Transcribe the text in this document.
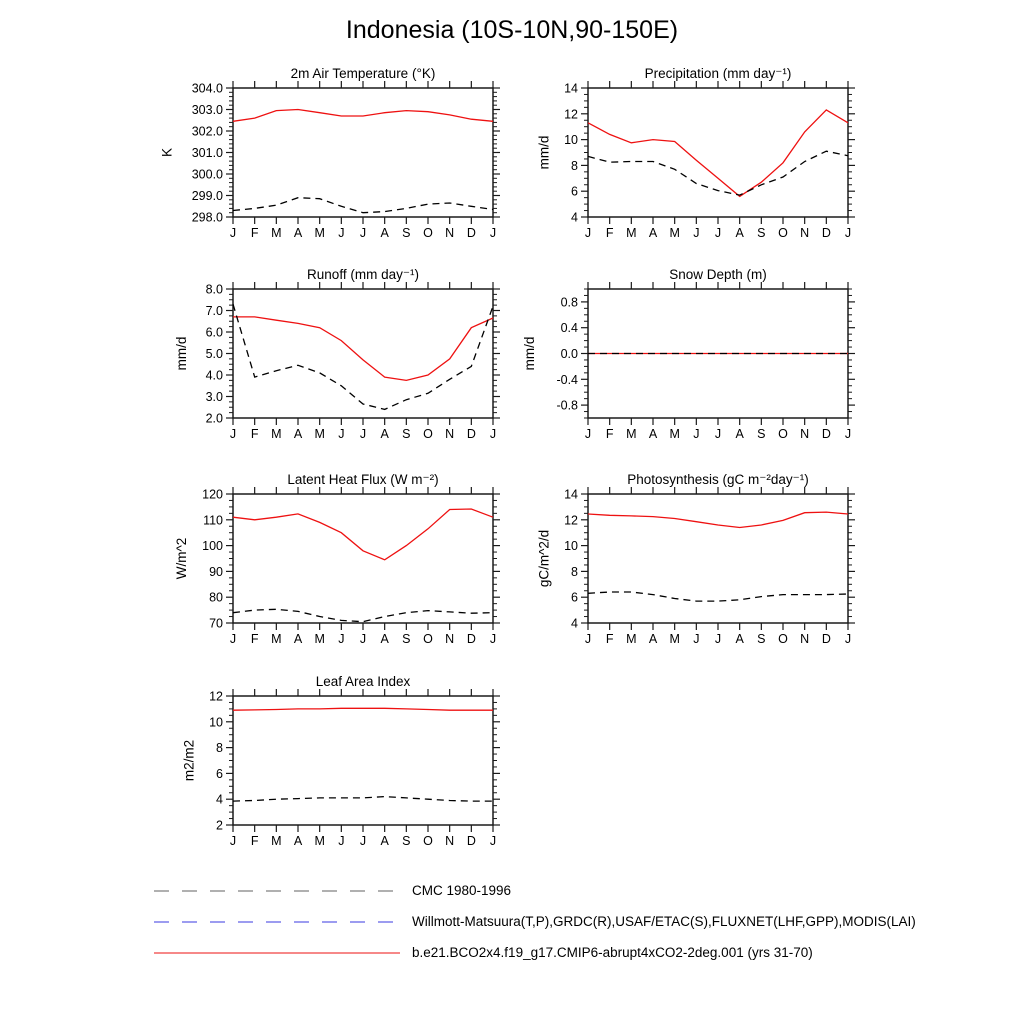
Indonesia (10S-10N,90-150E)
2m Air Temperature (°K)
298.0
299.0
300.0
301.0
302.0
303.0
304.0
K
J F M A M J J A S O N D J
Precipitation (mm day⁻¹)
4
6
8
10
12
14
mm/d
J F M A M J J A S O N D J
Runoff (mm day⁻¹)
2.0
3.0
4.0
5.0
6.0
7.0
8.0
mm/d
J F M A M J J A S O N D J
Snow Depth (m)
-0.8
-0.4
0.0
0.4
0.8
mm/d
J F M A M J J A S O N D J
Latent Heat Flux (W m⁻²)
70
80
90
100
110
120
W/m^2
J F M A M J J A S O N D J
Photosynthesis (gC m⁻²day⁻¹)
4
6
8
10
12
14
gC/m^2/d
J F M A M J J A S O N D J
Leaf Area Index
2
4
6
8
10
12
m2/m2
J F M A M J J A S O N D J
CMC 1980-1996
Willmott-Matsuura(T,P),GRDC(R),USAF/ETAC(S),FLUXNET(LHF,GPP),MODIS(LAI)
b.e21.BCO2x4.f19_g17.CMIP6-abrupt4xCO2-2deg.001 (yrs 31-70)
